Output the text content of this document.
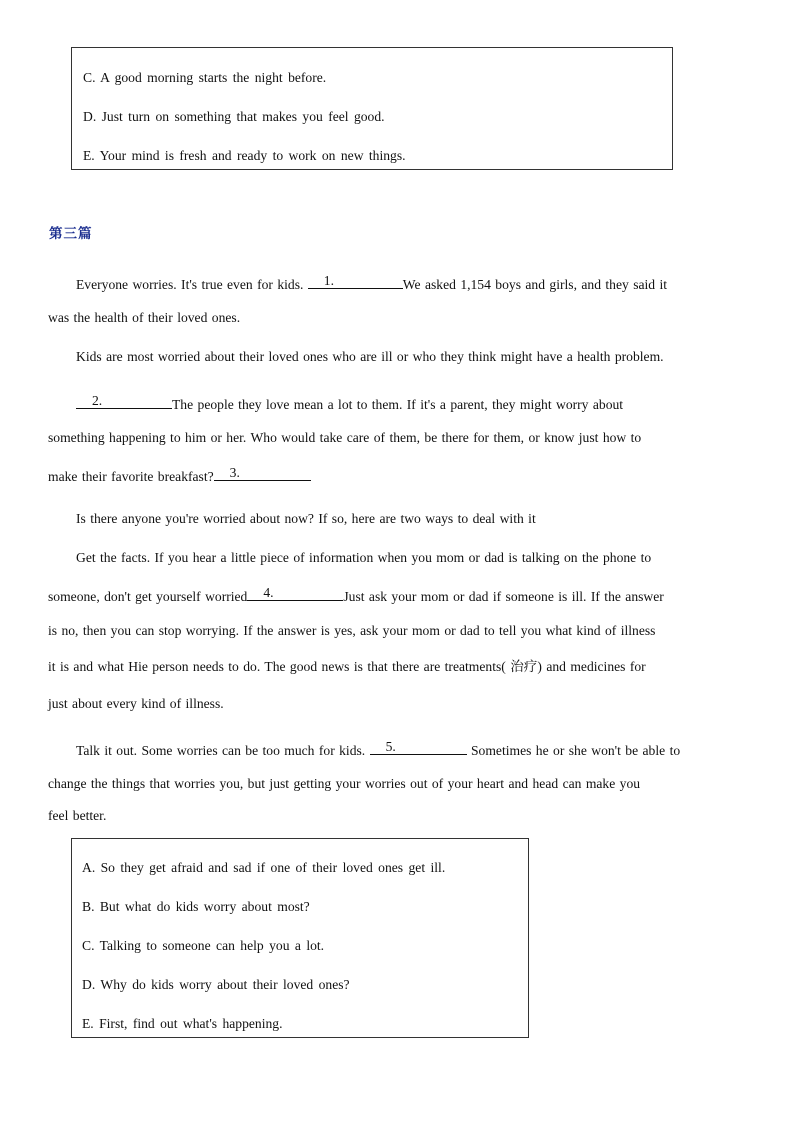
C. A good morning starts the night before.

D. Just turn on something that makes you feel good.

E. Your mind is fresh and ready to work on new things.

第三篇
Everyone worries. It's true even for kids. 1.	We asked 1,154 boys and girls, and they said it
was the health of their loved ones.
Kids are most worried about their loved ones who are ill or who they think might have a health problem.
2.	The people they love mean a lot to them. If it's a parent, they might worry about
something happening to him or her. Who would take care of them, be there for them, or know just how to
make their favorite breakfast? 3.
Is there anyone you're worried about now? If so, here are two ways to deal with it
Get the facts. If you hear a little piece of information when you mom or dad is talking on the phone to
someone, don't get yourself worried 4.	Just ask your mom or dad if someone is ill. If the answer
is no, then you can stop worrying. If the answer is yes, ask your mom or dad to tell you what kind of illness
it is and what Hie person needs to do. The good news is that there are treatments( 治疗) and medicines for
just about every kind of illness.
Talk it out. Some worries can be too much for kids. 5.	Sometimes he or she won't be able to
change the things that worries you, but just getting your worries out of your heart and head can make you
feel better.

A. So they get afraid and sad if one of their loved ones get ill.

B. But what do kids worry about most?

C. Talking to someone can help you a lot.

D. Why do kids worry about their loved ones?

E. First, find out what's happening.
